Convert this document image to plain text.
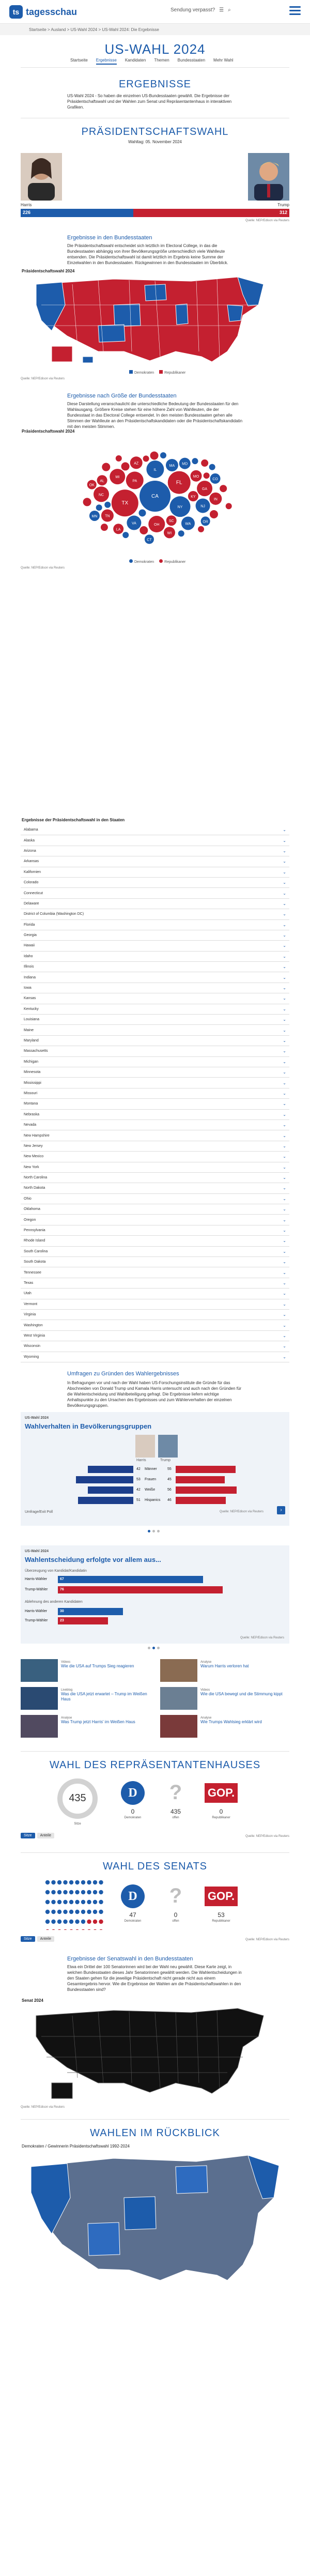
ts tagesschau	Sendung verpasst? ☰ ⌕
Startseite > Ausland > US-Wahl 2024 > US-Wahl 2024: Die Ergebnisse
US-WAHL 2024
Startseite Ergebnisse Kandidaten Themen Bundesstaaten Mehr Wahl
ERGEBNISSE
US-Wahl 2024 - So haben die einzelnen US-Bundesstaaten gewählt. Die Ergebnisse der Präsidentschaftswahl und der Wahlen zum Senat und Repräsentantenhaus in interaktiven Grafiken.
PRÄSIDENTSCHAFTSWAHL
Wahltag: 05. November 2024
Harris	Trump
226	312
Quelle: NEP/Edison via Reuters
Ergebnisse in den Bundesstaaten
Die Präsidentschaftswahl entscheidet sich letztlich im Electoral College, in das die Bundesstaaten abhängig von ihrer Bevölkerungsgröße unterschiedlich viele Wahlleute entsenden. Die Präsidentschaftswahl ist damit letztlich im Ergebnis keine Summe der Einzelwahlen in den Bundesstaaten. Rückgewinnen in den Bundesstaaten im Überblick.
Präsidentschaftswahl 2024
Demokraten	Republikaner
Quelle: NEP/Edison via Reuters
Ergebnisse nach Größe der Bundesstaaten
Diese Darstellung veranschaulicht die unterschiedliche Bedeutung der Bundesstaaten für den Wahlausgang. Größere Kreise stehen für eine höhere Zahl von Wahlleuten, die der Bundesstaat in das Electoral College entsendet. In den meisten Bundesstaaten gehen alle Stimmen der Wahlleute an den Präsidentschaftskandidaten oder die Präsidentschaftskandidatin mit den meisten Stimmen.
Präsidentschaftswahl 2024
CA
TX
FL
NY
PA
IL
OH
GA
NC
MI
NJ
VA	WA
AZ
MA
TN
IN
MO
MD
WI
CO
MN
SC
AL
LA
KY
OR
OK
CT
Demokraten	Republikaner
Quelle: NEP/Edison via Reuters
Ergebnisse der Präsidentschaftswahl in den Staaten
Alabama	⌄
Alaska	⌄
Arizona	⌄
Arkansas	⌄
Kalifornien	⌄
Colorado	⌄
Connecticut	⌄
Delaware	⌄
District of Columbia (Washington DC)	⌄
Florida	⌄
Georgia	⌄
Hawaii	⌄
Idaho	⌄
Illinois	⌄
Indiana	⌄
Iowa	⌄
Kansas	⌄
Kentucky	⌄
Louisiana	⌄
Maine	⌄
Maryland	⌄
Massachusetts	⌄
Michigan	⌄
Minnesota	⌄
Mississippi	⌄
Missouri	⌄
Montana	⌄
Nebraska	⌄
Nevada	⌄
New Hampshire	⌄
New Jersey	⌄
New Mexico	⌄
New York	⌄
North Carolina	⌄
North Dakota	⌄
Ohio	⌄
Oklahoma	⌄
Oregon	⌄
Pennsylvania	⌄
Rhode Island	⌄
South Carolina	⌄
South Dakota	⌄
Tennessee	⌄
Texas	⌄
Utah	⌄
Vermont	⌄
Virginia	⌄
Washington	⌄
West Virginia	⌄
Wisconsin	⌄
Wyoming	⌄
Umfragen zu Gründen des Wahlergebnisses
In Befragungen vor und nach der Wahl haben US-Forschungsinstitute die Gründe für das Abschneiden von Donald Trump und Kamala Harris untersucht und auch nach den Gründen für die Wahlentscheidung und Wahlbeteiligung gefragt. Die Ergebnisse liefern wichtige Anhaltspunkte zu den Ursachen des Ergebnisses und zum Wählerverhalten der einzelnen Bevölkerungsgruppen.
US-Wahl 2024
Wahlverhalten in Bevölkerungsgruppen
Harris	Trump
42 Männer	55
53 Frauen	45
42 Weiße	56
51 Hispanics	46
Umfrage/Exit Poll	Quelle: NEP/Edison via Reuters	›
US-Wahl 2024
Wahlentscheidung erfolgte vor allem aus...
Überzeugung von Kandidat/Kandidatin
Ablehnung des anderen Kandidaten
Harris-Wähler	67
Trump-Wähler	76
Harris-Wähler	30
Trump-Wähler	23
Quelle: NEP/Edison via Reuters
Videos
Wie die USA auf Trumps Sieg reagieren
Analyse
Warum Harris verloren hat
Liveblog
Was die USA jetzt erwartet – Trump im Weißen Haus
Videos
Wie die USA bewegt und die Stimmung kippt
Analyse
Was Trump jetzt Harris' im Weißen Haus
Analyse
Wie Trumps Wahlsieg erklärt wird
WAHL DES REPRÄSENTANTENHAUSES
435
Sitze
D
0
Demokraten
?
435
offen
GOP.
0
Republikaner
Sitze	Anteile	Quelle: NEP/Edison via Reuters
WAHL DES SENATS
D
47
Demokraten
?
0
offen
GOP.
53
Republikaner
Sitze	Anteile	Quelle: NEP/Edison via Reuters
Ergebnisse der Senatswahl in den Bundesstaaten
Etwa ein Drittel der 100 Senatorinnen wird bei der Wahl neu gewählt. Diese Karte zeigt, in welchen Bundesstaaten dieses Jahr Senatorinnen gewählt werden. Die Wahlentscheidungen in den Staaten gehen für die jeweilige Präsidentschaft nicht gerade nicht aus einem Gesamtergebnis hervor. Wie die Ergebnisse der Wahlen am die Präsidentschaftswahlen in den Bundesstaaten sind?
Senat 2024
Quelle: NEP/Edison via Reuters
WAHLEN IM RÜCKBLICK
Demokraten / Gewinnerin Präsidentschaftswahl 1992-2024
